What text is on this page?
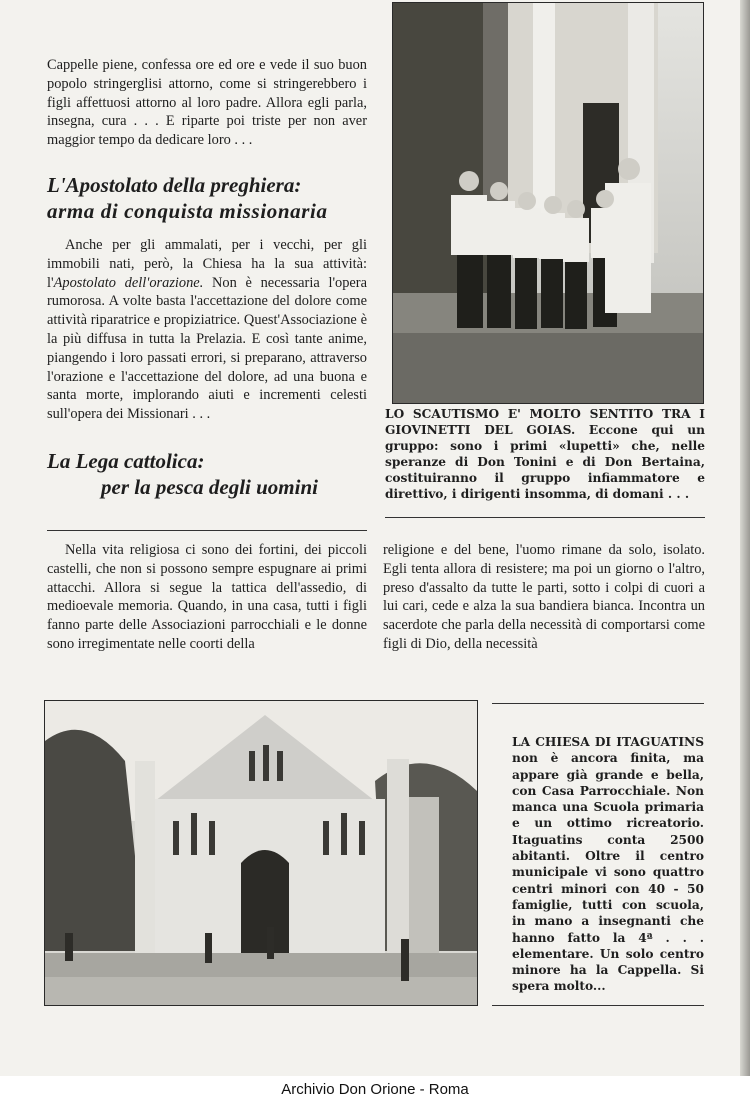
Cappelle piene, confessa ore ed ore e vede il suo buon popolo stringerglisi attorno, come si stringerebbero i figli affettuosi attorno al loro padre. Allora egli parla, insegna, cura . . . E riparte poi triste per non aver maggior tempo da dedicare loro . . .

L'Apostolato della preghiera:
arma di conquista missionaria

Anche per gli ammalati, per i vecchi, per gli immobili nati, però, la Chiesa ha la sua attività: l'Apostolato dell'orazione. Non è necessaria l'opera rumorosa. A volte basta l'accettazione del dolore come attività riparatrice e propiziatrice. Quest'Associazione è la più diffusa in tutta la Prelazia. E così tante anime, piangendo i loro passati errori, si preparano, attraverso l'orazione e l'accettazione del dolore, ad una buona e santa morte, implorando aiuti e incrementi celesti sull'opera dei Missionari . . .

La Lega cattolica:
per la pesca degli uomini

Nella vita religiosa ci sono dei fortini, dei piccoli castelli, che non si possono sempre espugnare ai primi attacchi. Allora si segue la tattica dell'assedio, di medioevale memoria. Quando, in una casa, tutti i figli fanno parte delle Associazioni parrocchiali e le donne sono irregimentate nelle coorti della

LO SCAUTISMO E' MOLTO SENTITO TRA I GIOVINETTI DEL GOIAS. Eccone qui un gruppo: sono i primi «lupetti» che, nelle speranze di Don Tonini e di Don Bertaina, costituiranno il gruppo infiammatore e direttivo, i dirigenti insomma, di domani . . .

religione e del bene, l'uomo rimane da solo, isolato. Egli tenta allora di resistere; ma poi un giorno o l'altro, preso d'assalto da tutte le parti, sotto i colpi di cuori a lui cari, cede e alza la sua bandiera bianca. Incontra un sacerdote che parla della necessità di comportarsi come figli di Dio, della necessità

LA CHIESA DI ITAGUATINS non è ancora finita, ma appare già grande e bella, con Casa Parrocchiale. Non manca una Scuola primaria e un ottimo ricreatorio. Itaguatins conta 2500 abitanti. Oltre il centro municipale vi sono quattro centri minori con 40 - 50 famiglie, tutti con scuola, in mano a insegnanti che hanno fatto la 4ª . . . elementare. Un solo centro minore ha la Cappella. Si spera molto...

Archivio Don Orione - Roma
